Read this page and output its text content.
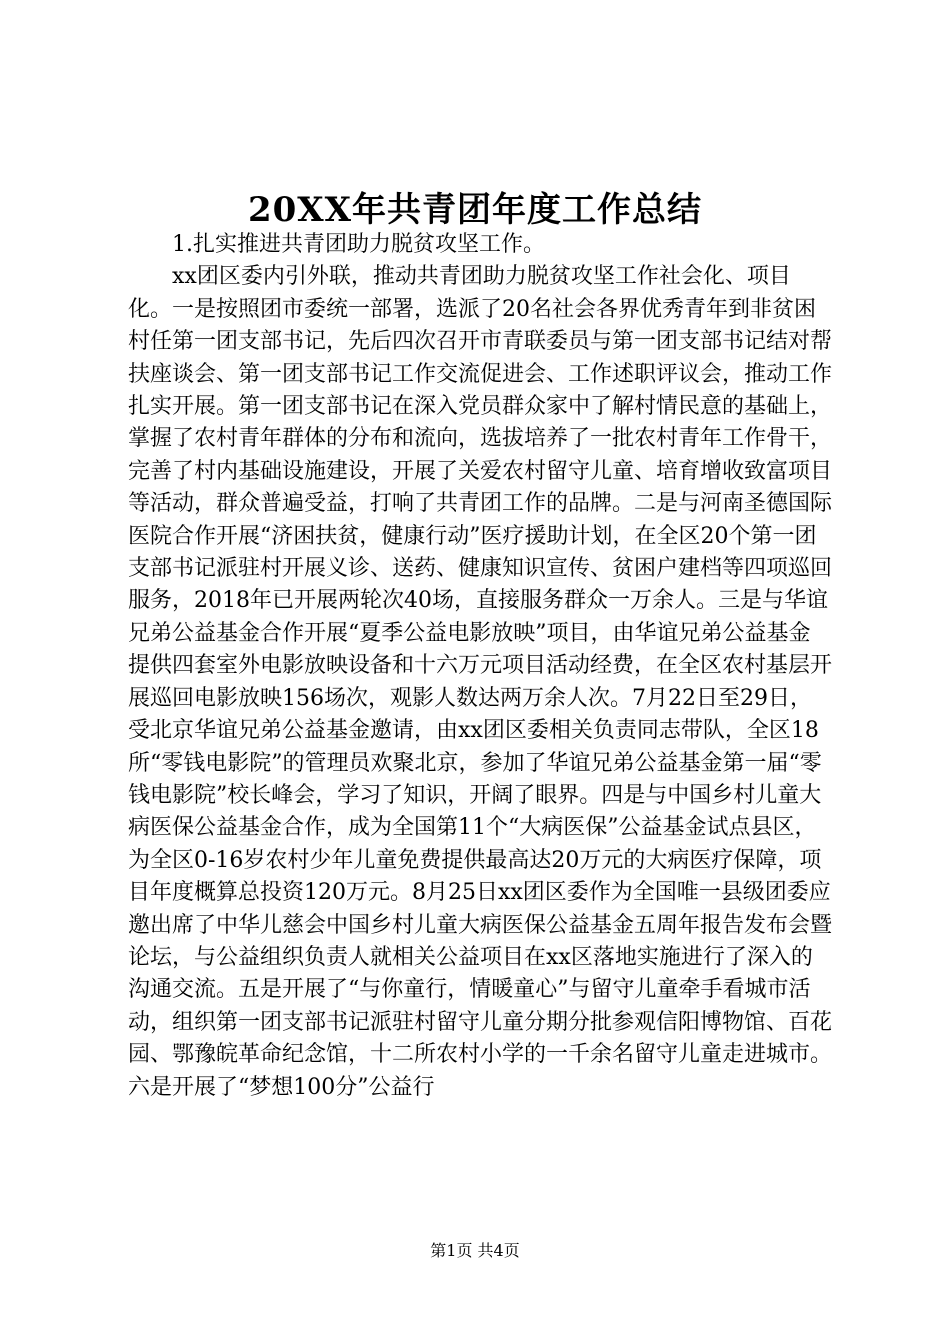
20XX年共青团年度工作总结

1.扎实推进共青团助力脱贫攻坚工作。

xx团区委内引外联，推动共青团助力脱贫攻坚工作社会化、项目化。一是按照团市委统一部署，选派了20名社会各界优秀青年到非贫困村任第一团支部书记，先后四次召开市青联委员与第一团支部书记结对帮扶座谈会、第一团支部书记工作交流促进会、工作述职评议会，推动工作扎实开展。第一团支部书记在深入党员群众家中了解村情民意的基础上，掌握了农村青年群体的分布和流向，选拔培养了一批农村青年工作骨干，完善了村内基础设施建设，开展了关爱农村留守儿童、培育增收致富项目等活动，群众普遍受益，打响了共青团工作的品牌。二是与河南圣德国际医院合作开展“济困扶贫，健康行动”医疗援助计划，在全区20个第一团支部书记派驻村开展义诊、送药、健康知识宣传、贫困户建档等四项巡回服务，2018年已开展两轮次40场，直接服务群众一万余人。三是与华谊兄弟公益基金合作开展“夏季公益电影放映”项目，由华谊兄弟公益基金提供四套室外电影放映设备和十六万元项目活动经费，在全区农村基层开展巡回电影放映156场次，观影人数达两万余人次。7月22日至29日，受北京华谊兄弟公益基金邀请，由xx团区委相关负责同志带队，全区18所“零钱电影院”的管理员欢聚北京，参加了华谊兄弟公益基金第一届“零钱电影院”校长峰会，学习了知识，开阔了眼界。四是与中国乡村儿童大病医保公益基金合作，成为全国第11个“大病医保”公益基金试点县区，为全区0-16岁农村少年儿童免费提供最高达20万元的大病医疗保障，项目年度概算总投资120万元。8月25日xx团区委作为全国唯一县级团委应邀出席了中华儿慈会中国乡村儿童大病医保公益基金五周年报告发布会暨论坛，与公益组织负责人就相关公益项目在xx区落地实施进行了深入的沟通交流。五是开展了“与你童行，情暖童心”与留守儿童牵手看城市活动，组织第一团支部书记派驻村留守儿童分期分批参观信阳博物馆、百花园、鄂豫皖革命纪念馆，十二所农村小学的一千余名留守儿童走进城市。六是开展了“梦想100分”公益行

第1页 共4页
